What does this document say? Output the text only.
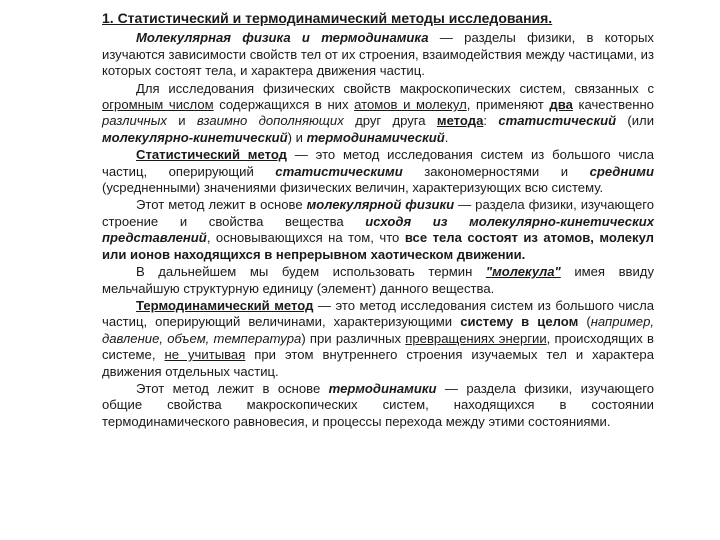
1. Статистический и термодинамический методы исследования.

Молекулярная физика и термодинамика — разделы физики, в которых изучаются зависимости свойств тел от их строения, взаимодействия между частицами, из которых состоят тела, и характера движения частиц.

Для исследования физических свойств макроскопических систем, связанных с огромным числом содержащихся в них атомов и молекул, применяют два качественно различных и взаимно дополняющих друг друга метода: статистический (или молекулярно-кинетический) и термодинамический.

Статистический метод — это метод исследования систем из большого числа частиц, оперирующий статистическими закономерностями и средними (усредненными) значениями физических величин, характеризующих всю систему.

Этот метод лежит в основе молекулярной физики — раздела физики, изучающего строение и свойства вещества исходя из молекулярно-кинетических представлений, основывающихся на том, что все тела состоят из атомов, молекул или ионов находящихся в непрерывном хаотическом движении.

В дальнейшем мы будем использовать термин "молекула" имея ввиду мельчайшую структурную единицу (элемент) данного вещества.

Термодинамический метод — это метод исследования систем из большого числа частиц, оперирующий величинами, характеризующими систему в целом (например, давление, объем, температура) при различных превращениях энергии, происходящих в системе, не учитывая при этом внутреннего строения изучаемых тел и характера движения отдельных частиц.

Этот метод лежит в основе термодинамики — раздела физики, изучающего общие свойства макроскопических систем, находящихся в состоянии термодинамического равновесия, и процессы перехода между этими состояниями.
